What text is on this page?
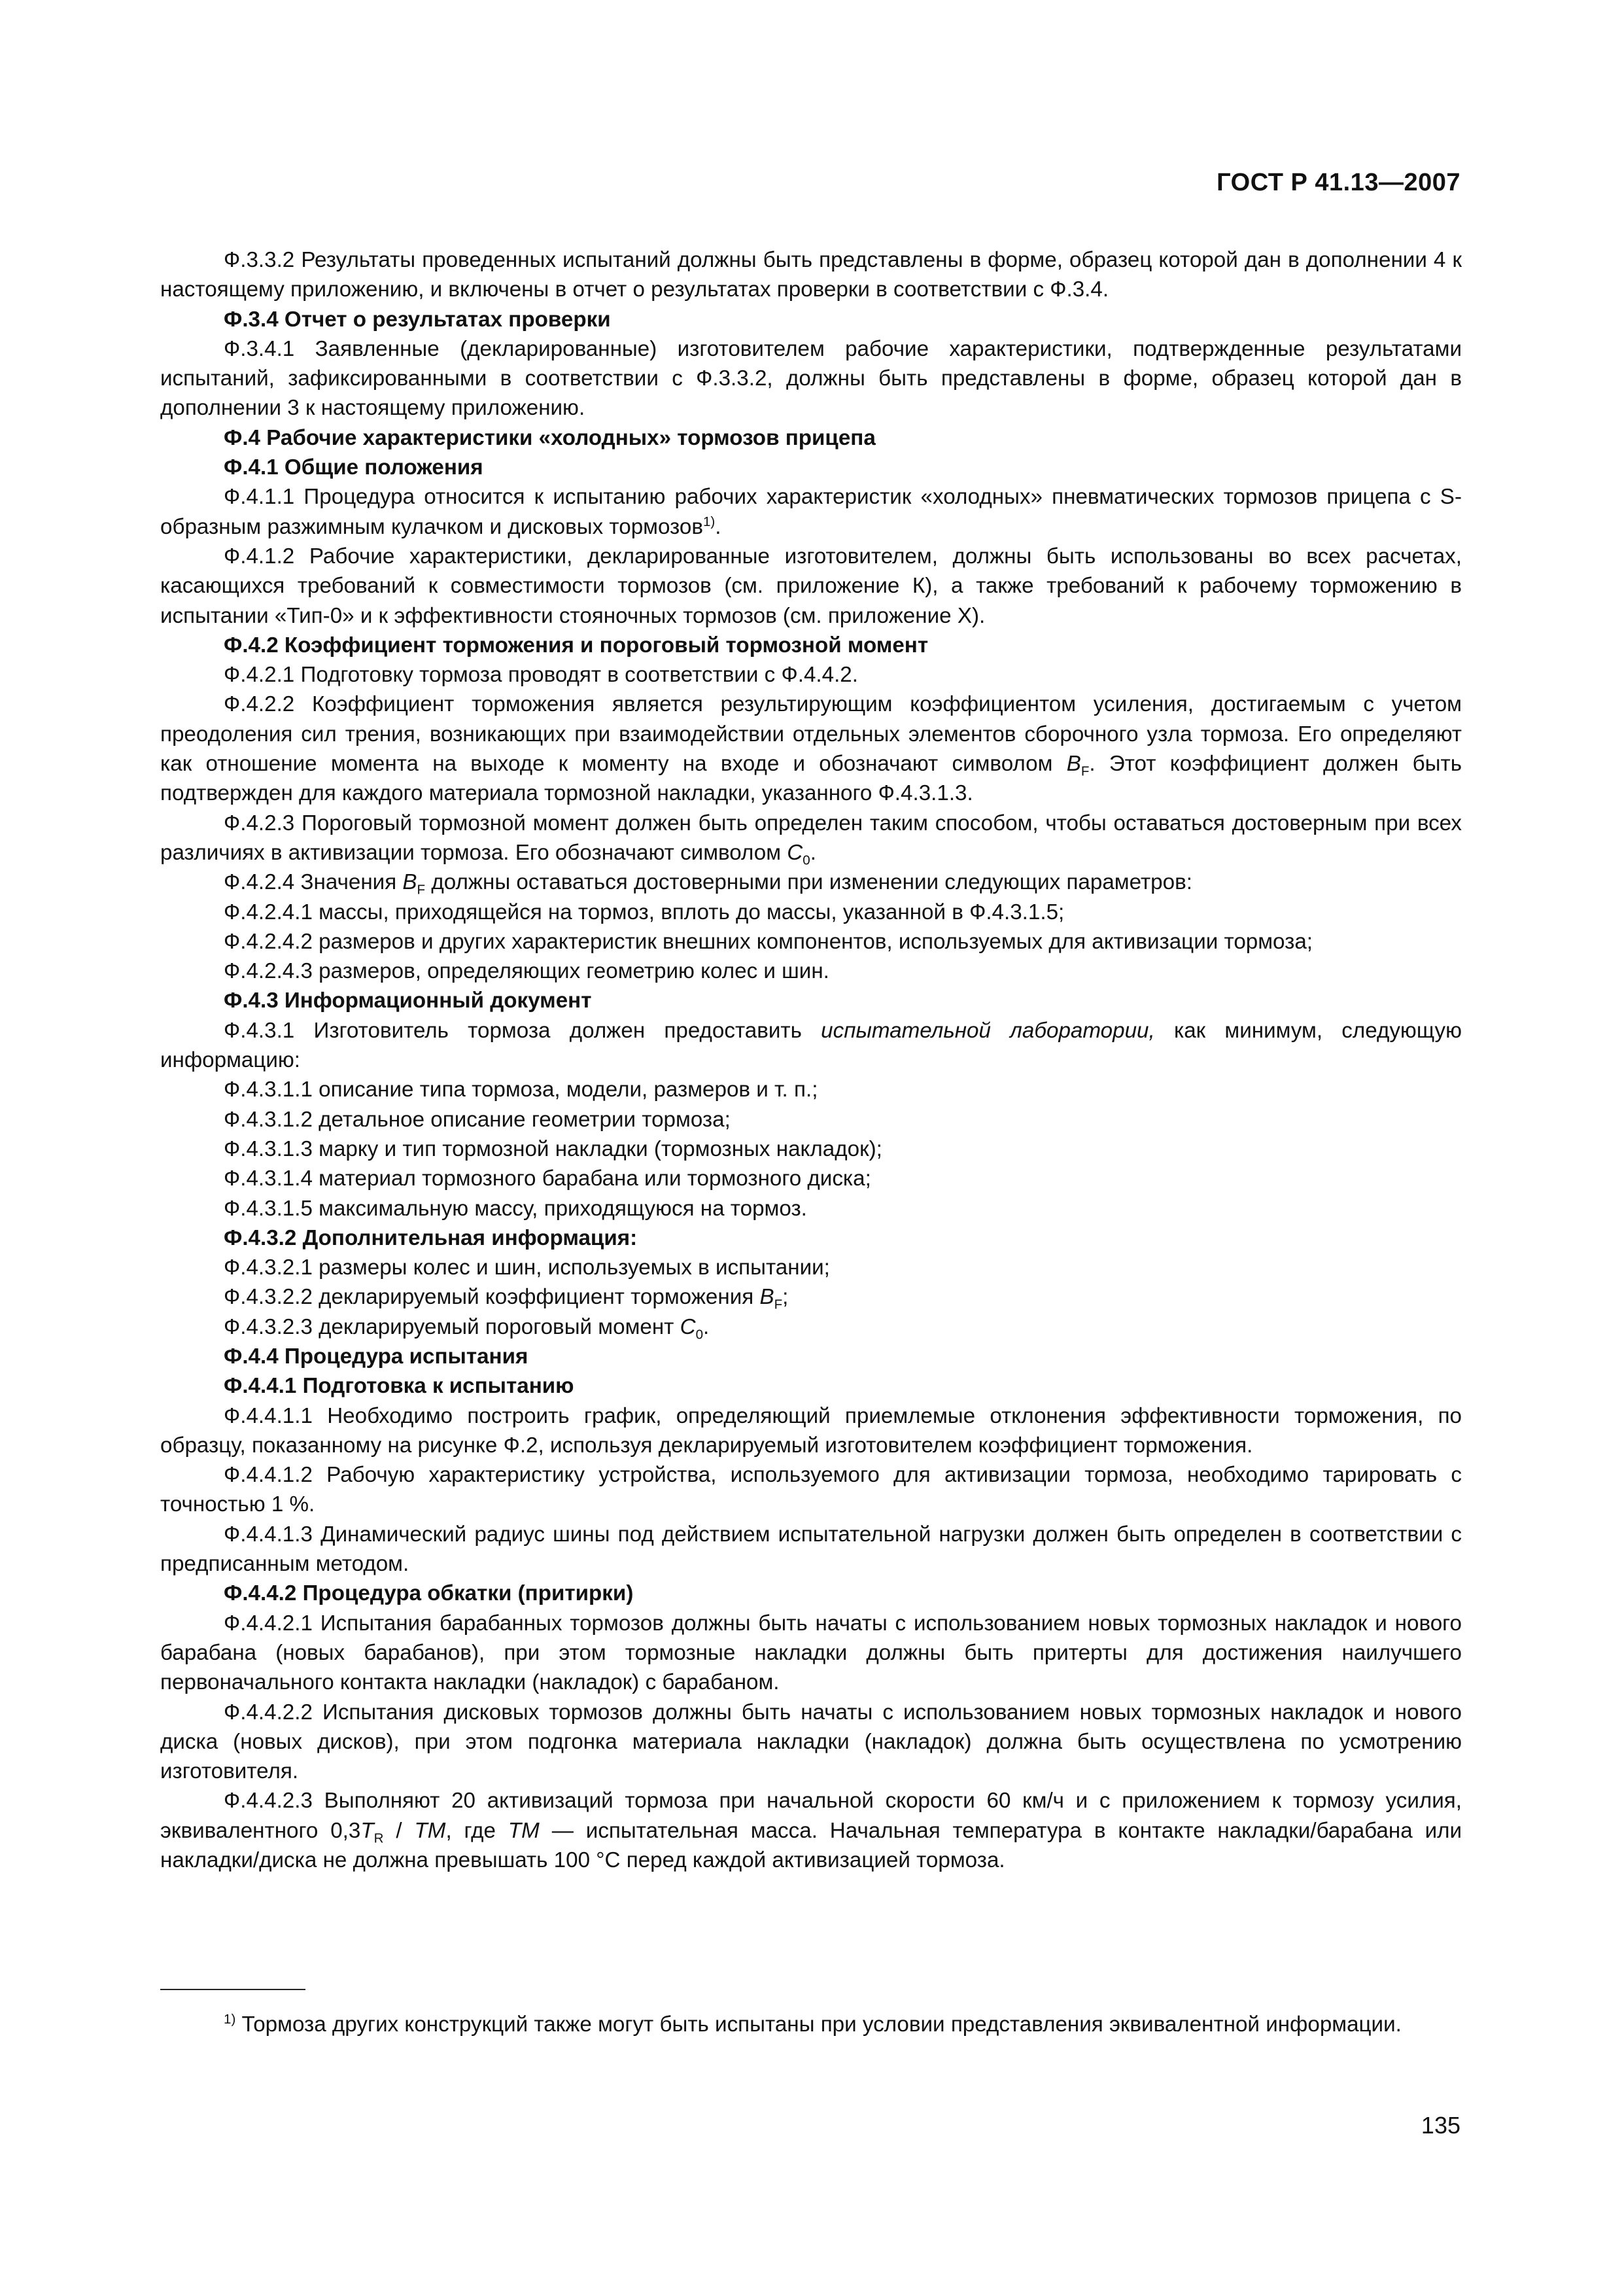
ГОСТ Р 41.13—2007

Ф.3.3.2 Результаты проведенных испытаний должны быть представлены в форме, образец которой дан в дополнении 4 к настоящему приложению, и включены в отчет о результатах проверки в соответствии с Ф.3.4.

Ф.3.4 Отчет о результатах проверки

Ф.3.4.1 Заявленные (декларированные) изготовителем рабочие характеристики, подтвержденные результатами испытаний, зафиксированными в соответствии с Ф.3.3.2, должны быть представлены в форме, образец которой дан в дополнении 3 к настоящему приложению.

Ф.4 Рабочие характеристики «холодных» тормозов прицепа

Ф.4.1 Общие положения

Ф.4.1.1 Процедура относится к испытанию рабочих характеристик «холодных» пневматических тормозов прицепа с S-образным разжимным кулачком и дисковых тормозов$^{1)}$.

Ф.4.1.2 Рабочие характеристики, декларированные изготовителем, должны быть использованы во всех расчетах, касающихся требований к совместимости тормозов (см. приложение К), а также требований к рабочему торможению в испытании «Тип-0» и к эффективности стояночных тормозов (см. приложение Х).

Ф.4.2 Коэффициент торможения и пороговый тормозной момент

Ф.4.2.1 Подготовку тормоза проводят в соответствии с Ф.4.4.2.

Ф.4.2.2 Коэффициент торможения является результирующим коэффициентом усиления, достигаемым с учетом преодоления сил трения, возникающих при взаимодействии отдельных элементов сборочного узла тормоза. Его определяют как отношение момента на выходе к моменту на входе и обозначают символом $B_F$. Этот коэффициент должен быть подтвержден для каждого материала тормозной накладки, указанного Ф.4.3.1.3.

Ф.4.2.3 Пороговый тормозной момент должен быть определен таким способом, чтобы оставаться достоверным при всех различиях в активизации тормоза. Его обозначают символом $C_0$.

Ф.4.2.4 Значения $B_F$ должны оставаться достоверными при изменении следующих параметров:

Ф.4.2.4.1 массы, приходящейся на тормоз, вплоть до массы, указанной в Ф.4.3.1.5;

Ф.4.2.4.2 размеров и других характеристик внешних компонентов, используемых для активизации тормоза;

Ф.4.2.4.3 размеров, определяющих геометрию колес и шин.

Ф.4.3 Информационный документ

Ф.4.3.1 Изготовитель тормоза должен предоставить испытательной лаборатории, как минимум, следующую информацию:

Ф.4.3.1.1 описание типа тормоза, модели, размеров и т. п.;

Ф.4.3.1.2 детальное описание геометрии тормоза;

Ф.4.3.1.3 марку и тип тормозной накладки (тормозных накладок);

Ф.4.3.1.4 материал тормозного барабана или тормозного диска;

Ф.4.3.1.5 максимальную массу, приходящуюся на тормоз.

Ф.4.3.2 Дополнительная информация:

Ф.4.3.2.1 размеры колес и шин, используемых в испытании;

Ф.4.3.2.2 декларируемый коэффициент торможения $B_F$;

Ф.4.3.2.3 декларируемый пороговый момент $C_0$.

Ф.4.4 Процедура испытания

Ф.4.4.1 Подготовка к испытанию

Ф.4.4.1.1 Необходимо построить график, определяющий приемлемые отклонения эффективности торможения, по образцу, показанному на рисунке Ф.2, используя декларируемый изготовителем коэффициент торможения.

Ф.4.4.1.2 Рабочую характеристику устройства, используемого для активизации тормоза, необходимо тарировать с точностью 1 %.

Ф.4.4.1.3 Динамический радиус шины под действием испытательной нагрузки должен быть определен в соответствии с предписанным методом.

Ф.4.4.2 Процедура обкатки (притирки)

Ф.4.4.2.1 Испытания барабанных тормозов должны быть начаты с использованием новых тормозных накладок и нового барабана (новых барабанов), при этом тормозные накладки должны быть притерты для достижения наилучшего первоначального контакта накладки (накладок) с барабаном.

Ф.4.4.2.2 Испытания дисковых тормозов должны быть начаты с использованием новых тормозных накладок и нового диска (новых дисков), при этом подгонка материала накладки (накладок) должна быть осуществлена по усмотрению изготовителя.

Ф.4.4.2.3 Выполняют 20 активизаций тормоза при начальной скорости 60 км/ч и с приложением к тормозу усилия, эквивалентного $0,3T_R$ / TM, где TM — испытательная масса. Начальная температура в контакте накладки/барабана или накладки/диска не должна превышать 100 °C перед каждой активизацией тормоза.

$^{1)}$ Тормоза других конструкций также могут быть испытаны при условии представления эквивалентной информации.
135
